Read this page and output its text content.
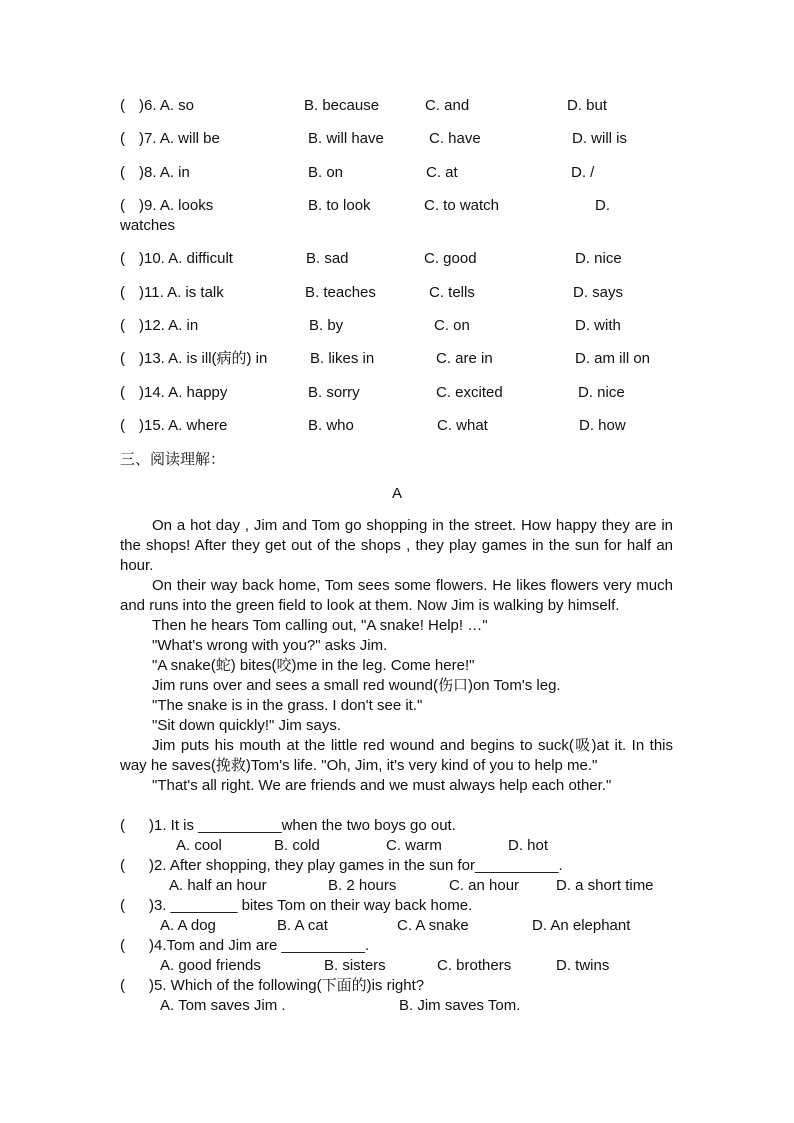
( )6. A. so	B. because	C. and	D. but
( )7. A. will be	B. will have	C. have	D. will is
( )8. A. in	B. on	C. at	D. /
( )9. A. looks	B. to look	C. to watch	D.
watches
( )10. A. difficult	B. sad	C. good	D. nice
( )11. A. is talk	B. teaches	C. tells	D. says
( )12. A. in	B. by	C. on	D. with
( )13. A. is ill(病的) in	B. likes in	C. are in	D. am ill on
( )14. A. happy	B. sorry	C. excited	D. nice
( )15. A. where	B. who	C. what	D. how
三、阅读理解：
A

On a hot day , Jim and Tom go shopping in the street. How happy they are in the shops! After they get out of the shops , they play games in the sun for half an hour.

On their way back home, Tom sees some flowers. He likes flowers very much and runs into the green field to look at them. Now Jim is walking by himself.

Then he hears Tom calling out, "A snake! Help! …"

"What's wrong with you?" asks Jim.

"A snake(蛇) bites(咬)me in the leg. Come here!"

Jim runs over and sees a small red wound(伤口)on Tom's leg.

"The snake is in the grass. I don't see it."

"Sit down quickly!" Jim says.

Jim puts his mouth at the little red wound and begins to suck(吸)at it. In this way he saves(挽救)Tom's life. "Oh, Jim, it's very kind of you to help me."

"That's all right. We are friends and we must always help each other."

( )1. It is __________when the two boys go out.
A. cool	B. cold	C. warm	D. hot
( )2. After shopping, they play games in the sun for__________.
A. half an hour	B. 2 hours	C. an hour D. a short time
( )3. ________ bites Tom on their way back home.
A. A dog	B. A cat	C. A snake	D. An elephant
( )4.Tom and Jim are __________.
A. good friends	B. sisters	C. brothers	D. twins
( )5. Which of the following(下面的)is right?
A. Tom saves Jim .	B. Jim saves Tom.
